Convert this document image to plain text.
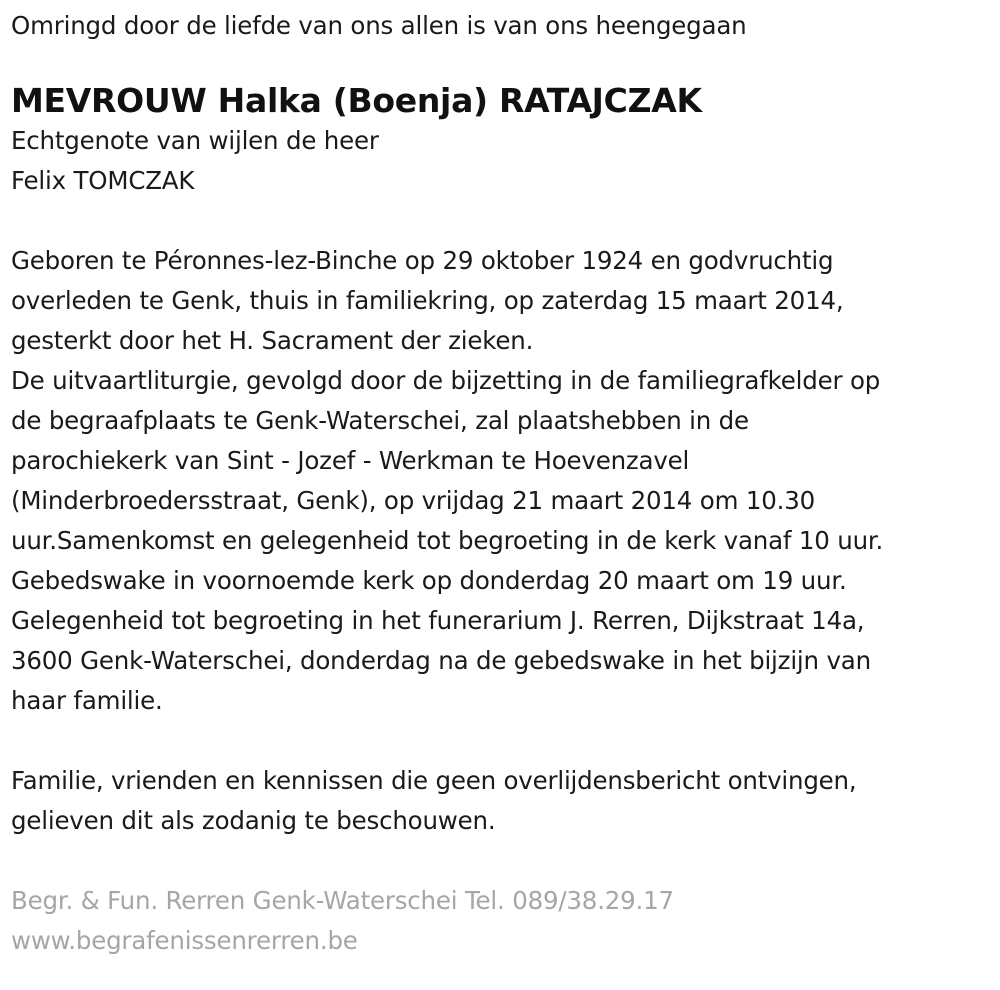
Omringd door de liefde van ons allen is van ons heengegaan
MEVROUW Halka (Boenja) RATAJCZAK
Echtgenote van wijlen de heer
Felix TOMCZAK
Geboren te Péronnes-lez-Binche op 29 oktober 1924 en godvruchtig
overleden te Genk, thuis in familiekring, op zaterdag 15 maart 2014,
gesterkt door het H. Sacrament der zieken.
De uitvaartliturgie, gevolgd door de bijzetting in de familiegrafkelder op
de begraafplaats te Genk-Waterschei, zal plaatshebben in de
parochiekerk van Sint - Jozef - Werkman te Hoevenzavel
(Minderbroedersstraat, Genk), op vrijdag 21 maart 2014 om 10.30
uur.Samenkomst en gelegenheid tot begroeting in de kerk vanaf 10 uur.
Gebedswake in voornoemde kerk op donderdag 20 maart om 19 uur.
Gelegenheid tot begroeting in het funerarium J. Rerren, Dijkstraat 14a,
3600 Genk-Waterschei, donderdag na de gebedswake in het bijzijn van
haar familie.
Familie, vrienden en kennissen die geen overlijdensbericht ontvingen,
gelieven dit als zodanig te beschouwen.
Begr. & Fun. Rerren Genk-Waterschei Tel. 089/38.29.17
www.begrafenissenrerren.be
